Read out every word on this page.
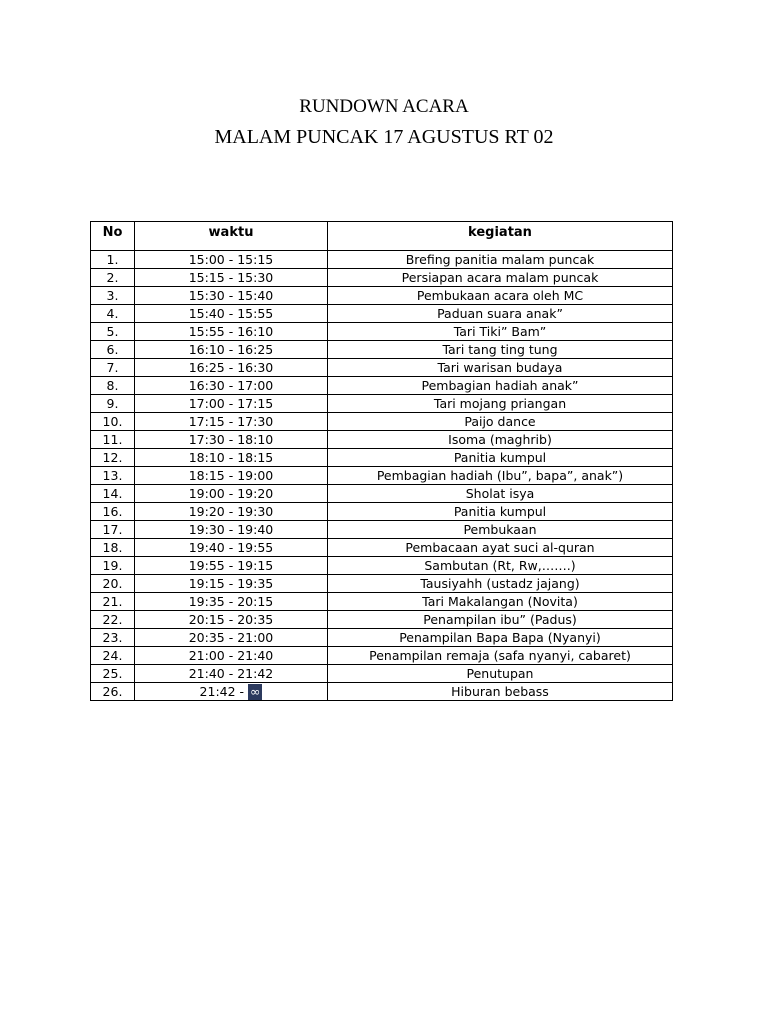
RUNDOWN ACARA
MALAM PUNCAK 17 AGUSTUS RT 02
No	waktu	kegiatan
1.	15:00 - 15:15	Brefing panitia malam puncak
2.	15:15 - 15:30	Persiapan acara malam puncak
3.	15:30 - 15:40	Pembukaan acara oleh MC
4.	15:40 - 15:55	Paduan suara anak”
5.	15:55 - 16:10	Tari Tiki” Bam”
6.	16:10 - 16:25	Tari tang ting tung
7.	16:25 - 16:30	Tari warisan budaya
8.	16:30 - 17:00	Pembagian hadiah anak”
9.	17:00 - 17:15	Tari mojang priangan
10.	17:15 - 17:30	Paijo dance
11.	17:30 - 18:10	Isoma (maghrib)
12.	18:10 - 18:15	Panitia kumpul
13.	18:15 - 19:00	Pembagian hadiah (Ibu”, bapa”, anak”)
14.	19:00 - 19:20	Sholat isya
16.	19:20 - 19:30	Panitia kumpul
17.	19:30 - 19:40	Pembukaan
18.	19:40 - 19:55	Pembacaan ayat suci al-quran
19.	19:55 - 19:15	Sambutan (Rt, Rw,…….)
20.	19:15 - 19:35	Tausiyahh (ustadz jajang)
21.	19:35 - 20:15	Tari Makalangan (Novita)
22.	20:15 - 20:35	Penampilan ibu” (Padus)
23.	20:35 - 21:00	Penampilan Bapa Bapa (Nyanyi)
24.	21:00 - 21:40	Penampilan remaja (safa nyanyi, cabaret)
25.	21:40 - 21:42	Penutupan
26.	21:42 - ∞	Hiburan bebass
